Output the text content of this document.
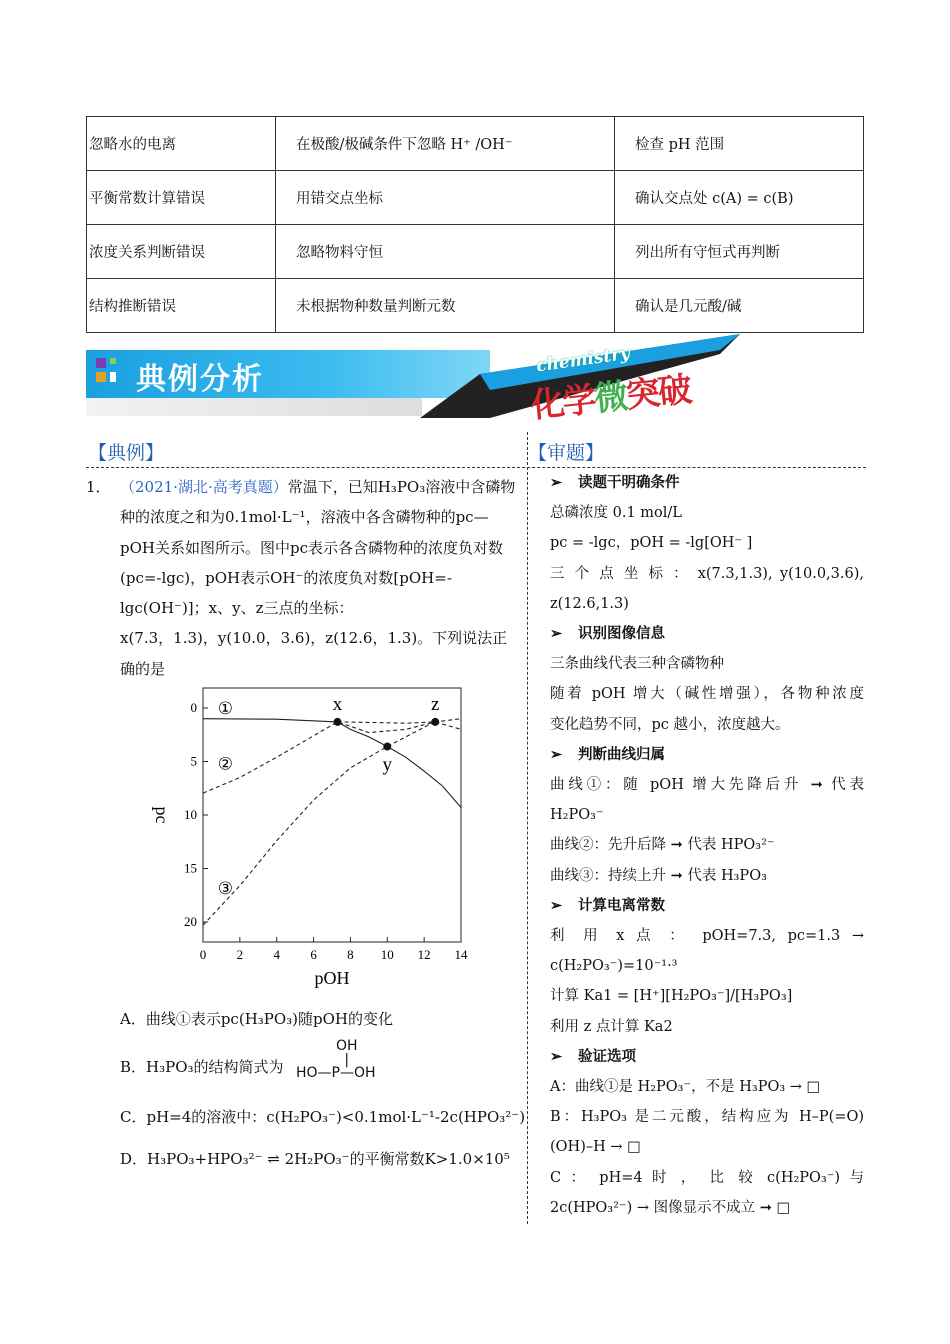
忽略水的电离	在极酸/极碱条件下忽略 H⁺ /OH⁻	检查 pH 范围
平衡常数计算错误	用错交点坐标	确认交点处 c(A) = c(B)
浓度关系判断错误	忽略物料守恒	列出所有守恒式再判断
结构推断错误	未根据物种数量判断元数	确认是几元酸/碱
典例分析
chemistry
化学微突破
【典例】	【审题】
1． （2021·湖北·高考真题）常温下，已知H₃PO₃溶液中含磷物种的浓度之和为0.1mol·L⁻¹，溶液中各含磷物种的pc—pOH关系如图所示。图中pc表示各含磷物种的浓度负对数(pc=-lgc)，pOH表示OH⁻的浓度负对数[pOH=-lgc(OH⁻)]；x、y、z三点的坐标：
x(7.3，1.3)，y(10.0，3.6)，z(12.6，1.3)。下列说法正确的是
0 2 4 6 8 10 12 14
0
5
10
15
20
pOH
pc
①
②
③
x
y
z
A．曲线①表示pc(H₃PO₃)随pOH的变化
B．H₃PO₃的结构简式为
OH
|
HO—P—OH
C．pH=4的溶液中：c(H₂PO₃⁻)<0.1mol·L⁻¹-2c(HPO₃²⁻)
D．H₃PO₃+HPO₃²⁻ ⇌ 2H₂PO₃⁻的平衡常数K>1.0×10⁵

➢ 读题干明确条件

总磷浓度 0.1 mol/L

pc = -lgc，pOH = -lg[OH⁻ ]

三 个 点 坐 标 ： x(7.3,1.3), y(10.0,3.6),

z(12.6,1.3)

➢ 识别图像信息

三条曲线代表三种含磷物种

随着 pOH 增大（碱性增强），各物种浓度

变化趋势不同，pc 越小，浓度越大。

➢ 判断曲线归属

曲线①：随 pOH 增大先降后升 ➞ 代表

H₂PO₃⁻

曲线②：先升后降 ➞ 代表 HPO₃²⁻

曲线③：持续上升 ➞ 代表 H₃PO₃

➢ 计算电离常数

利 用 x 点 ： pOH=7.3, pc=1.3 →

c(H₂PO₃⁻)=10⁻¹·³

计算 Ka1 = [H⁺][H₂PO₃⁻]/[H₃PO₃]

利用 z 点计算 Ka2

➢ 验证选项

A：曲线①是 H₂PO₃⁻，不是 H₃PO₃ → □

B：H₃PO₃ 是二元酸，结构应为 H–P(=O)

(OH)–H → □

C ： pH=4 时 ， 比 较 c(H₂PO₃⁻) 与

2c(HPO₃²⁻) → 图像显示不成立 ➞ □
